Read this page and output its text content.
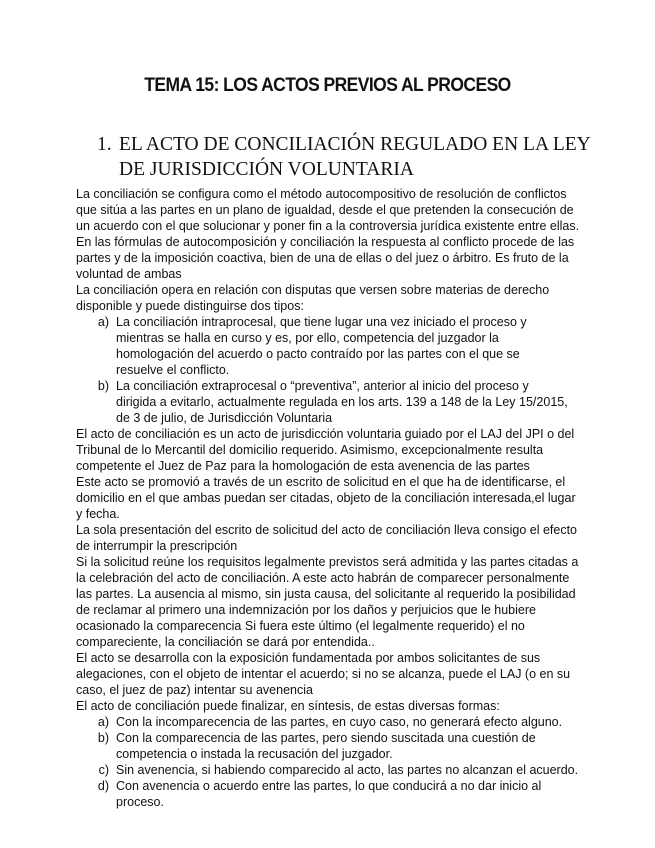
TEMA 15: LOS ACTOS PREVIOS AL PROCESO
1. EL ACTO DE CONCILIACIÓN REGULADO EN LA LEY DE JURISDICCIÓN VOLUNTARIA

La conciliación se configura como el método autocompositivo de resolución de conflictos que sitúa a las partes en un plano de igualdad, desde el que pretenden la consecución de un acuerdo con el que solucionar y poner fin a la controversia jurídica existente entre ellas.

En las fórmulas de autocomposición y conciliación la respuesta al conflicto procede de las partes y de la imposición coactiva, bien de una de ellas o del juez o árbitro. Es fruto de la voluntad de ambas

La conciliación opera en relación con disputas que versen sobre materias de derecho disponible y puede distinguirse dos tipos:

a) La conciliación intraprocesal, que tiene lugar una vez iniciado el proceso y mientras se halla en curso y es, por ello, competencia del juzgador la homologación del acuerdo o pacto contraído por las partes con el que se resuelve el conflicto.
b) La conciliación extraprocesal o “preventiva”, anterior al inicio del proceso y dirigida a evitarlo, actualmente regulada en los arts. 139 a 148 de la Ley 15/2015, de 3 de julio, de Jurisdicción Voluntaria

El acto de conciliación es un acto de jurisdicción voluntaria guiado por el LAJ del JPI o del Tribunal de lo Mercantil del domicilio requerido. Asimismo, excepcionalmente resulta competente el Juez de Paz para la homologación de esta avenencia de las partes

Este acto se promovió a través de un escrito de solicitud en el que ha de identificarse, el domicilio en el que ambas puedan ser citadas, objeto de la conciliación interesada,el lugar y fecha.

La sola presentación del escrito de solicitud del acto de conciliación lleva consigo el efecto de interrumpir la prescripción

Si la solicitud reúne los requisitos legalmente previstos será admitida y las partes citadas a la celebración del acto de conciliación. A este acto habrán de comparecer personalmente las partes. La ausencia al mismo, sin justa causa, del solicitante al requerido la posibilidad de reclamar al primero una indemnización por los daños y perjuicios que le hubiere ocasionado la comparecencia Si fuera este último (el legalmente requerido) el no compareciente, la conciliación se dará por entendida..

El acto se desarrolla con la exposición fundamentada por ambos solicitantes de sus alegaciones, con el objeto de intentar el acuerdo; si no se alcanza, puede el LAJ (o en su caso, el juez de paz) intentar su avenencia

El acto de conciliación puede finalizar, en síntesis, de estas diversas formas:

a) Con la incomparecencia de las partes, en cuyo caso, no generará efecto alguno.
b) Con la comparecencia de las partes, pero siendo suscitada una cuestión de competencia o instada la recusación del juzgador.
c) Sin avenencia, si habiendo comparecido al acto, las partes no alcanzan el acuerdo.
d) Con avenencia o acuerdo entre las partes, lo que conducirá a no dar inicio al proceso.
